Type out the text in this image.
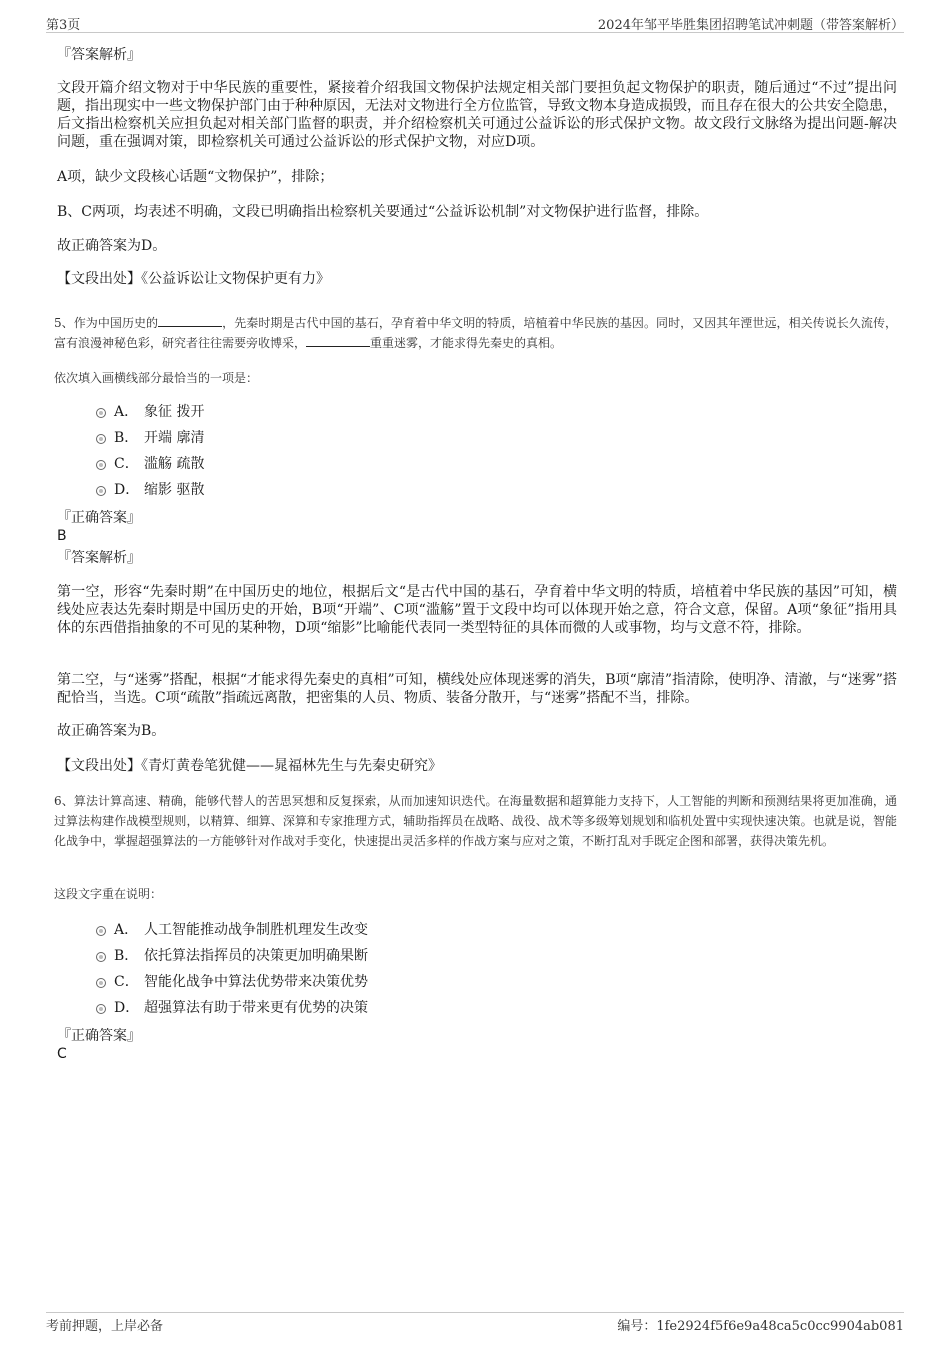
第3页	2024年邹平毕胜集团招聘笔试冲刺题（带答案解析）

『答案解析』

文段开篇介绍文物对于中华民族的重要性，紧接着介绍我国文物保护法规定相关部门要担负起文物保护的职责，随后通过“不过”提出问题，指出现实中一些文物保护部门由于种种原因，无法对文物进行全方位监管，导致文物本身造成损毁，而且存在很大的公共安全隐患，后文指出检察机关应担负起对相关部门监督的职责，并介绍检察机关可通过公益诉讼的形式保护文物。故文段行文脉络为提出问题-解决问题，重在强调对策，即检察机关可通过公益诉讼的形式保护文物，对应D项。

A项，缺少文段核心话题“文物保护”，排除；

B、C两项，均表述不明确，文段已明确指出检察机关要通过“公益诉讼机制”对文物保护进行监督，排除。

故正确答案为D。

【文段出处】《公益诉讼让文物保护更有力》

5、作为中国历史的	，先秦时期是古代中国的基石，孕育着中华文明的特质，培植着中华民族的基因。同时，又因其年湮世远，相关传说长久流传，富有浪漫神秘色彩，研究者往往需要旁收博采，	重重迷雾，才能求得先秦史的真相。

依次填入画横线部分最恰当的一项是：

A． 象征 拨开
B． 开端 廓清
C． 滥觞 疏散
D． 缩影 驱散

『正确答案』

B

『答案解析』

第一空，形容“先秦时期”在中国历史的地位，根据后文“是古代中国的基石，孕育着中华文明的特质，培植着中华民族的基因”可知，横线处应表达先秦时期是中国历史的开始，B项“开端”、C项“滥觞”置于文段中均可以体现开始之意，符合文意，保留。A项“象征”指用具体的东西借指抽象的不可见的某种物，D项“缩影”比喻能代表同一类型特征的具体而微的人或事物，均与文意不符，排除。

第二空，与“迷雾”搭配，根据“才能求得先秦史的真相”可知，横线处应体现迷雾的消失，B项“廓清”指清除，使明净、清澈，与“迷雾”搭配恰当，当选。C项“疏散”指疏远离散，把密集的人员、物质、装备分散开，与“迷雾”搭配不当，排除。

故正确答案为B。

【文段出处】《青灯黄卷笔犹健——晁福林先生与先秦史研究》

6、算法计算高速、精确，能够代替人的苦思冥想和反复探索，从而加速知识迭代。在海量数据和超算能力支持下，人工智能的判断和预测结果将更加准确，通过算法构建作战模型规则，以精算、细算、深算和专家推理方式，辅助指挥员在战略、战役、战术等多级筹划规划和临机处置中实现快速决策。也就是说，智能化战争中，掌握超强算法的一方能够针对作战对手变化，快速提出灵活多样的作战方案与应对之策，不断打乱对手既定企图和部署，获得决策先机。

这段文字重在说明：

A． 人工智能推动战争制胜机理发生改变
B． 依托算法指挥员的决策更加明确果断
C． 智能化战争中算法优势带来决策优势
D． 超强算法有助于带来更有优势的决策

『正确答案』

C

考前押题，上岸必备	编号：1fe2924f5f6e9a48ca5c0cc9904ab081
